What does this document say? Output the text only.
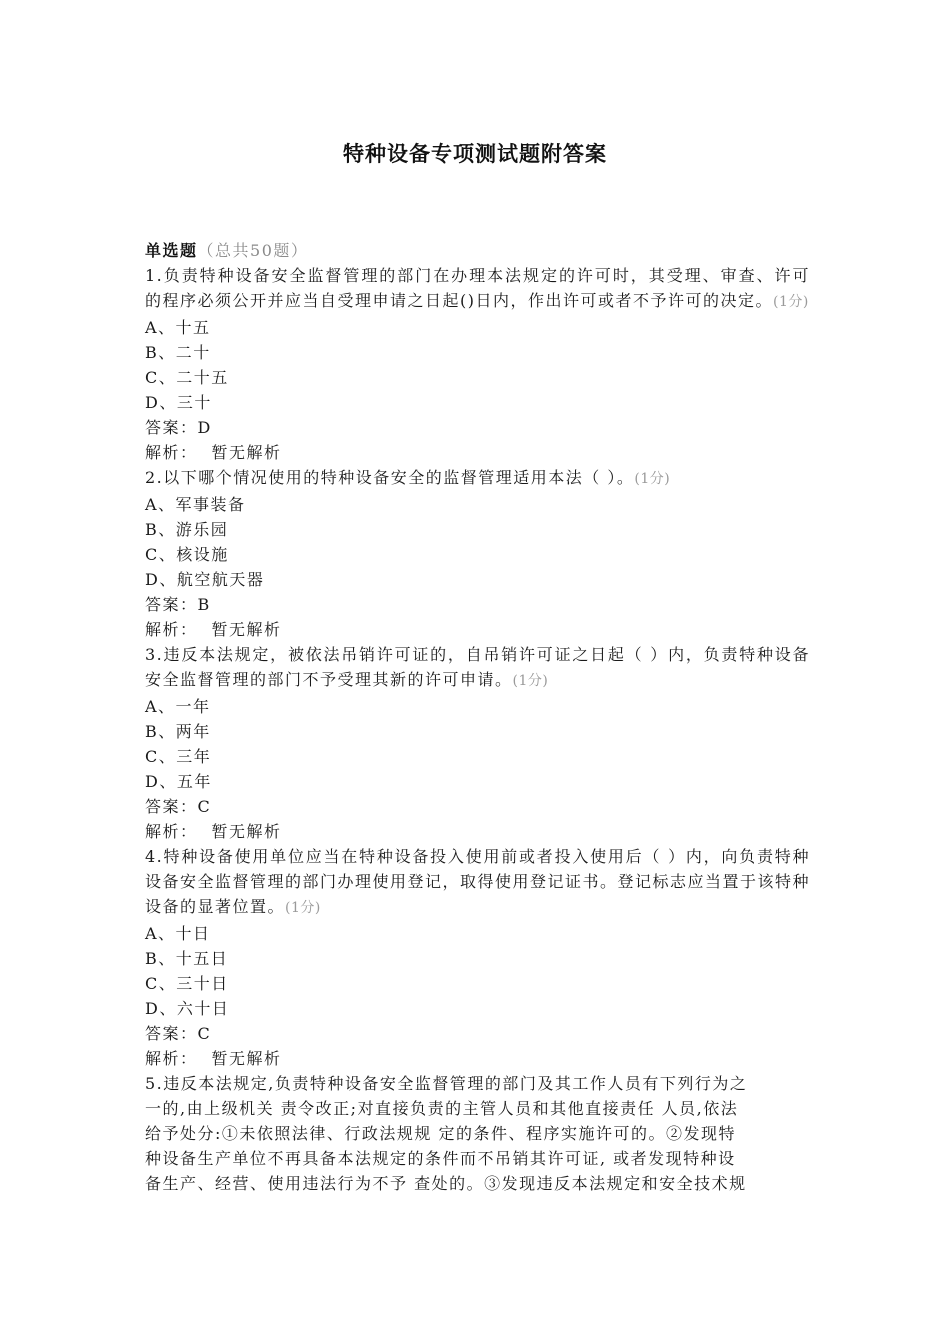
特种设备专项测试题附答案
单选题（总共50题）
1.负责特种设备安全监督管理的部门在办理本法规定的许可时，其受理、审查、许可的程序必须公开并应当自受理申请之日起()日内，作出许可或者不予许可的决定。(1分)
A、十五
B、二十
C、二十五
D、三十
答案：D
解析： 暂无解析
2.以下哪个情况使用的特种设备安全的监督管理适用本法（ ）。(1分)
A、军事装备
B、游乐园
C、核设施
D、航空航天器
答案：B
解析： 暂无解析
3.违反本法规定，被依法吊销许可证的，自吊销许可证之日起（ ）内，负责特种设备安全监督管理的部门不予受理其新的许可申请。(1分)
A、一年
B、两年
C、三年
D、五年
答案：C
解析： 暂无解析
4.特种设备使用单位应当在特种设备投入使用前或者投入使用后（ ）内，向负责特种设备安全监督管理的部门办理使用登记，取得使用登记证书。登记标志应当置于该特种设备的显著位置。(1分)
A、十日
B、十五日
C、三十日
D、六十日
答案：C
解析： 暂无解析
5.违反本法规定,负责特种设备安全监督管理的部门及其工作人员有下列行为之
一的,由上级机关 责令改正;对直接负责的主管人员和其他直接责任 人员,依法
给予处分:①未依照法律、行政法规规 定的条件、程序实施许可的。②发现特
种设备生产单位不再具备本法规定的条件而不吊销其许可证, 或者发现特种设
备生产、经营、使用违法行为不予 查处的。③发现违反本法规定和安全技术规
